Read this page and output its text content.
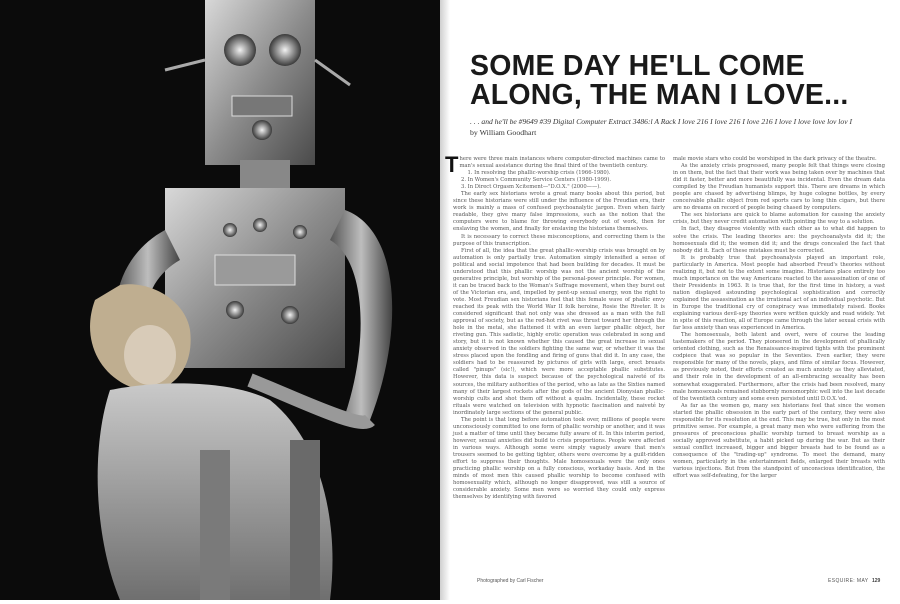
SOME DAY HE'LL COME ALONG, THE MAN I LOVE...
. . . and he'll be #9649 #39 Digital Computer Extract 3486:l A Rack I love 216 I love 216 I love 216 I love I love love lov lov I
by William Goodhart

There were three main instances where computer-directed machines came to man's sexual assistance during the final third of the twentieth century.

1. In resolving the phallic-worship crisis (1966-1980).

2. In Women's Community Service Centers (1980-1999).

3. In Direct Orgasm Xcitement—"D.O.X." (2000——).

The early sex historians wrote a great many books about this period, but since these historians were still under the influence of the Freudian era, their work is mainly a mass of confused psychoanalytic jargon. Even when fairly readable, they give many false impressions, such as the notion that the computers were to blame for throwing everybody out of work, then for enslaving the women, and finally for enslaving the historians themselves.

It is necessary to correct these misconceptions, and correcting them is the purpose of this transcription.

First of all, the idea that the great phallic-worship crisis was brought on by automation is only partially true. Automation simply intensified a sense of political and social impotence that had been building for decades. It must be understood that this phallic worship was not the ancient worship of the generative principle, but worship of the personal-power principle. For women, it can be traced back to the Woman's Suffrage movement, when they burst out of the Victorian era, and, impelled by pent-up sexual energy, won the right to vote. Most Freudian sex historians feel that this female wave of phallic envy reached its peak with the World War II folk heroine, Rosie the Riveter. It is considered significant that not only was she dressed as a man with the full approval of society, but as the red-hot rivet was thrust toward her through the hole in the metal, she flattened it with an even larger phallic object, her riveting gun. This sadistic, highly erotic operation was celebrated in song and story, but it is not known whether this caused the great increase in sexual anxiety observed in the soldiers fighting the same war, or whether it was the stress placed upon the fondling and firing of guns that did it. In any case, the soldiers had to be reassured by pictures of girls with large, erect breasts called "pinups" (sic!), which were more acceptable phallic substitutes. However, this data is suspect because of the psychological naiveté of its sources, the military authorities of the period, who as late as the Sixties named many of their largest rockets after the gods of the ancient Dionysian phallic-worship cults and shot them off without a qualm. Incidentally, these rocket rituals were watched on television with hypnotic fascination and naiveté by inordinately large sections of the general public.

The point is that long before automation took over, millions of people were unconsciously committed to one form of phallic worship or another, and it was just a matter of time until they became fully aware of it. In this interim period, however, sexual anxieties did build to crisis proportions. People were affected in various ways. Although some were simply vaguely aware that men's trousers seemed to be getting tighter, others were overcome by a guilt-ridden effort to suppress their thoughts. Male homosexuals were the only ones practicing phallic worship on a fully conscious, workaday basis. And in the minds of most men this caused phallic worship to become confused with homosexuality which, although no longer disapproved, was still a source of considerable anxiety. Some men were so worried they could only express themselves by identifying with favored

male movie stars who could be worshiped in the dark privacy of the theatre.

As the anxiety crisis progressed, many people felt that things were closing in on them, but the fact that their work was being taken over by machines that did it faster, better and more beautifully was incidental. Even the dream data compiled by the Freudian humanists support this. There are dreams in which people are chased by advertising blimps, by huge cologne bottles, by every conceivable phallic object from red sports cars to long thin cigars, but there are no dreams on record of people being chased by computers.

The sex historians are quick to blame automation for causing the anxiety crisis, but they never credit automation with pointing the way to a solution.

In fact, they disagree violently with each other as to what did happen to solve the crisis. The leading theories are: the psychoanalysts did it; the homosexuals did it; the women did it; and the drugs concealed the fact that nobody did it. Each of these mistakes must be corrected.

It is probably true that psychoanalysis played an important role, particularly in America. Most people had absorbed Freud's theories without realizing it, but not to the extent some imagine. Historians place entirely too much importance on the way Americans reacted to the assassination of one of their Presidents in 1963. It is true that, for the first time in history, a vast nation displayed astounding psychological sophistication and correctly explained the assassination as the irrational act of an individual psychotic. But in Europe the traditional cry of conspiracy was immediately raised. Books explaining various devil-spy theories were written quickly and read widely. Yet in spite of this reaction, all of Europe came through the later sexual crisis with far less anxiety than was experienced in America.

The homosexuals, both latent and overt, were of course the leading tastemakers of the period. They pioneered in the development of phallically oriented clothing, such as the Renaissance-inspired tights with the prominent codpiece that was so popular in the Seventies. Even earlier, they were responsible for many of the novels, plays, and films of similar focus. However, as previously noted, their efforts created as much anxiety as they alleviated, and their role in the development of an all-embracing sexuality has been somewhat exaggerated. Furthermore, after the crisis had been resolved, many male homosexuals remained stubbornly monomorphic well into the last decade of the twentieth century and some even persisted until D.O.X.'ed.

As far as the women go, many sex historians feel that since the women started the phallic obsession in the early part of the century, they were also responsible for its resolution at the end. This may be true, but only in the most primitive sense. For example, a great many men who were suffering from the pressures of preconscious phallic worship turned to breast worship as a socially approved substitute, a habit picked up during the war. But as their sexual conflict increased, bigger and bigger breasts had to be found as a consequence of the "trading-up" syndrome. To meet the demand, many women, particularly in the entertainment fields, enlarged their breasts with various injections. But from the standpoint of unconscious identification, the effort was self-defeating, for the larger

Photographed by Carl Fischer	ESQUIRE: MAY 129
